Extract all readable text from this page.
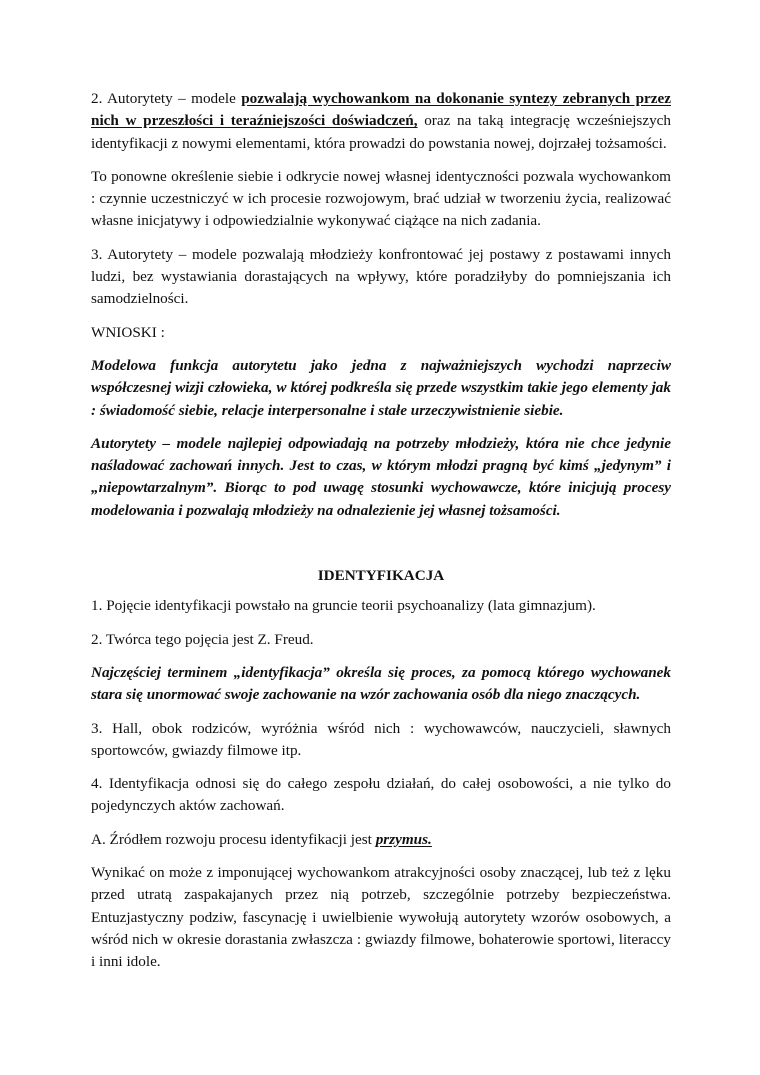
2. Autorytety – modele pozwalają wychowankom na dokonanie syntezy zebranych przez nich w przeszłości i teraźniejszości doświadczeń, oraz na taką integrację wcześniejszych identyfikacji z nowymi elementami, która prowadzi do powstania nowej, dojrzałej tożsamości.

To ponowne określenie siebie i odkrycie nowej własnej identyczności pozwala wychowankom : czynnie uczestniczyć w ich procesie rozwojowym, brać udział w tworzeniu życia, realizować własne inicjatywy i odpowiedzialnie wykonywać ciążące na nich zadania.

3. Autorytety – modele pozwalają młodzieży konfrontować jej postawy z postawami innych ludzi, bez wystawiania dorastających na wpływy, które poradziłyby do pomniejszania ich samodzielności.

WNIOSKI :

Modelowa funkcja autorytetu jako jedna z najważniejszych wychodzi naprzeciw współczesnej wizji człowieka, w której podkreśla się przede wszystkim takie jego elementy jak : świadomość siebie, relacje interpersonalne i stałe urzeczywistnienie siebie.

Autorytety – modele najlepiej odpowiadają na potrzeby młodzieży, która nie chce jedynie naśladować zachowań innych. Jest to czas, w którym młodzi pragną być kimś „jedynym” i „niepowtarzalnym”. Biorąc to pod uwagę stosunki wychowawcze, które inicjują procesy modelowania i pozwalają młodzieży na odnalezienie jej własnej tożsamości.

IDENTYFIKACJA

1. Pojęcie identyfikacji powstało na gruncie teorii psychoanalizy (lata gimnazjum).

2. Twórca tego pojęcia jest Z. Freud.

Najczęściej terminem „identyfikacja” określa się proces, za pomocą którego wychowanek stara się unormować swoje zachowanie na wzór zachowania osób dla niego znaczących.

3. Hall, obok rodziców, wyróżnia wśród nich : wychowawców, nauczycieli, sławnych sportowców, gwiazdy filmowe itp.

4. Identyfikacja odnosi się do całego zespołu działań, do całej osobowości, a nie tylko do pojedynczych aktów zachowań.

A. Źródłem rozwoju procesu identyfikacji jest przymus.

Wynikać on może z imponującej wychowankom atrakcyjności osoby znaczącej, lub też z lęku przed utratą zaspakajanych przez nią potrzeb, szczególnie potrzeby bezpieczeństwa. Entuzjastyczny podziw, fascynację i uwielbienie wywołują autorytety wzorów osobowych, a wśród nich w okresie dorastania zwłaszcza : gwiazdy filmowe, bohaterowie sportowi, literaccy i inni idole.
